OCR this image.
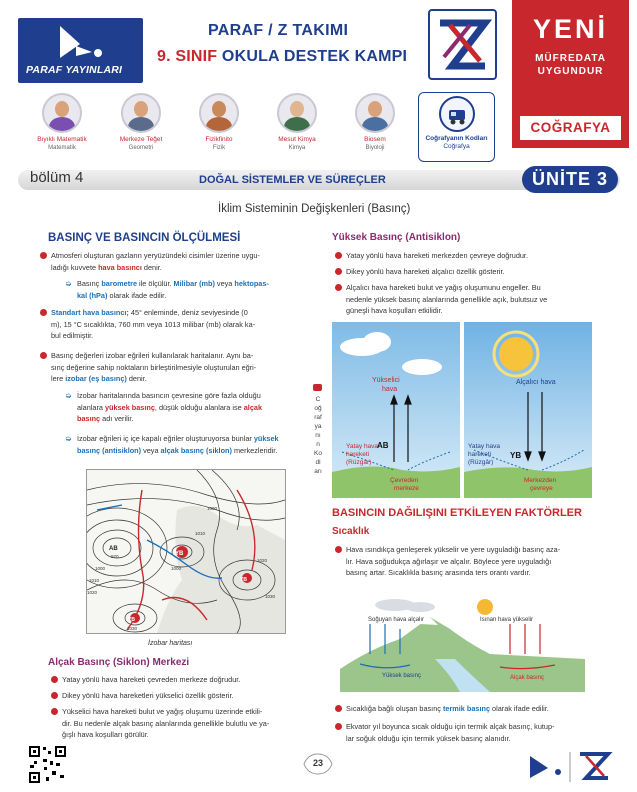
PARAF YAYINLARI
PARAF / Z TAKIMI
9. SINIF OKULA DESTEK KAMPI
YENİ
MÜFREDATA
UYGUNDUR
COĞRAFYA
Bıyıklı Matematik
Matematik
Merkeze Teğet
Geometri
Fizikfinito
Fizik
Mesut Kimya
Kimya
Biosem
Biyoloji
Coğrafyanın Kodları
Coğrafya
bölüm 4	DOĞAL SİSTEMLER VE SÜREÇLER	ÜNİTE 3
İklim Sisteminin Değişkenleri (Basınç)
BASINÇ VE BASINCIN ÖLÇÜLMESİ
Atmosferi oluşturan gazların yeryüzündeki cisimler üzerine uygu-
ladığı kuvvete hava basıncı denir.
➭ Basınç barometre ile ölçülür. Milibar (mb) veya hektopas-
kal (hPa) olarak ifade edilir.
Standart hava basıncı; 45° enleminde, deniz seviyesinde (0
m), 15 °C sıcaklıkta, 760 mm veya 1013 milibar (mb) olarak ka-
bul edilmiştir.
Basınç değerleri izobar eğrileri kullanılarak haritalanır. Aynı ba-
sınç değerine sahip noktaların birleştirilmesiyle oluşturulan eğri-
lere izobar (eş basınç) denir.
➭ İzobar haritalarında basıncın çevresine göre fazla olduğu
alanlara yüksek basınç, düşük olduğu alanlara ise alçak
basınç adı verilir.
➭ İzobar eğrileri iç içe kapalı eğriler oluşturuyorsa bunlar yüksek
basınç (antisiklon) veya alçak basınç (siklon) merkezleridir.
AB
YB
YB
YB
1000
1010
1020
1030
1010
1000
1020
1030
970
1000
İzobar haritası
Alçak Basınç (Siklon) Merkezi
Yatay yönlü hava hareketi çevreden merkeze doğrudur.
Dikey yönlü hava hareketleri yükselici özellik gösterir.
Yükselici hava hareketi bulut ve yağış oluşumu üzerinde etkili-
dir. Bu nedenle alçak basınç alanlarında genellikle bulutlu ve ya-
ğışlı hava koşulları görülür.
Coğrafyanın Kodları
Yüksek Basınç (Antisiklon)
Yatay yönlü hava hareketi merkezden çevreye doğrudur.
Dikey yönlü hava hareketi alçalıcı özellik gösterir.
Alçalıcı hava hareketi bulut ve yağış oluşumunu engeller. Bu
nedenle yüksek basınç alanlarında genellikle açık, bulutsuz ve
güneşli hava koşulları etkilidir.
Yükselici
hava
AB
Yatay hava
hareketi
(Rüzgâr)
Çevreden
merkeze
Alçalıcı hava
YB
Yatay hava
hareketi
(Rüzgâr)
Merkezden
çevreye
BASINCIN DAĞILIŞINI ETKİLEYEN FAKTÖRLER
Sıcaklık
Hava ısındıkça genleşerek yükselir ve yere uyguladığı basınç aza-
lır. Hava soğudukça ağırlaşır ve alçalır. Böylece yere uyguladığı
basınç artar. Sıcaklıkla basınç arasında ters orantı vardır.
Soğuyan hava alçalır	Isınan hava yükselir
Yüksek basınç	Alçak basınç
Sıcaklığa bağlı oluşan basınç termik basınç olarak ifade edilir.
Ekvator yıl boyunca sıcak olduğu için termik alçak basınç, kutup-
lar soğuk olduğu için termik yüksek basınç alanıdır.
23
